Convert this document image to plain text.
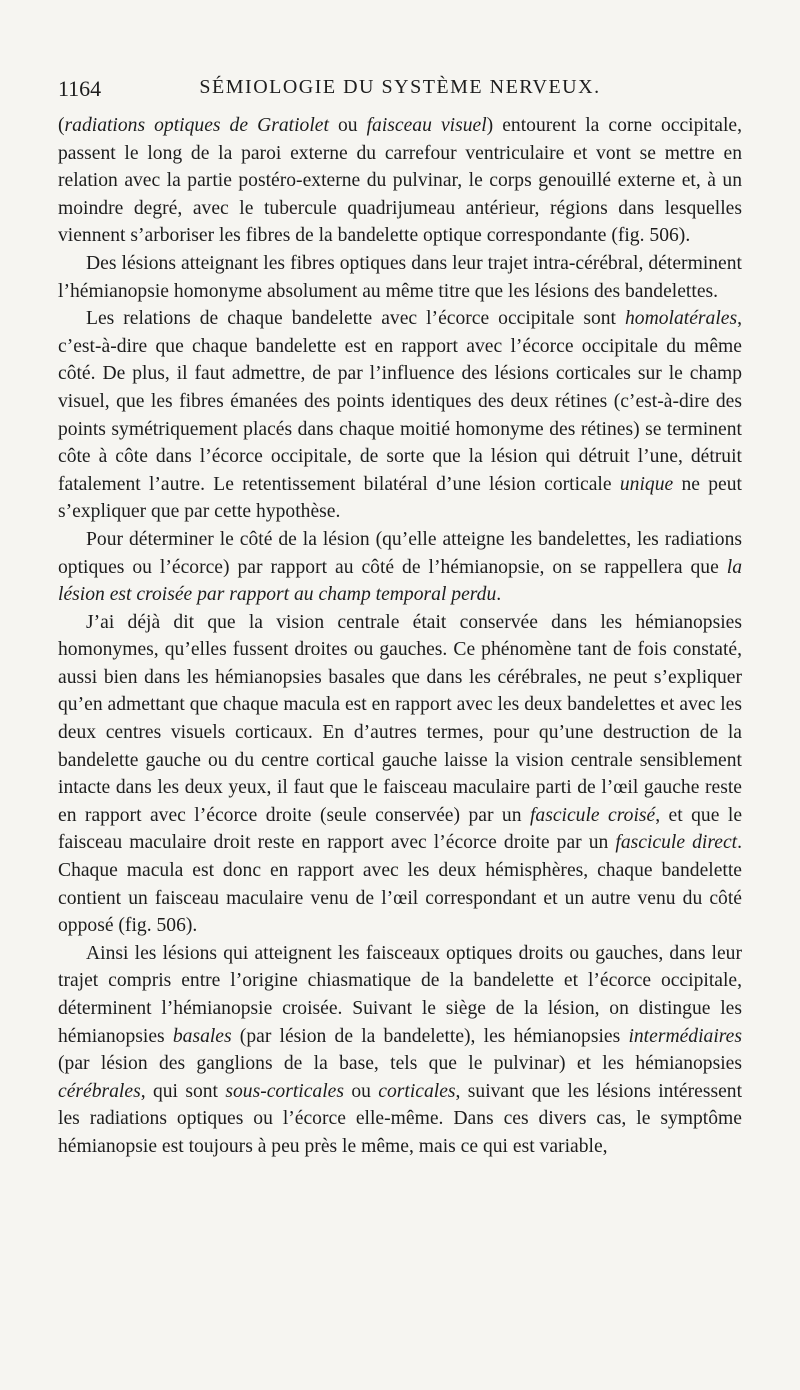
1164	SÉMIOLOGIE DU SYSTÈME NERVEUX.

(radiations optiques de Gratiolet ou faisceau visuel) entourent la corne occipitale, passent le long de la paroi externe du carrefour ventriculaire et vont se mettre en relation avec la partie postéro-externe du pulvinar, le corps genouillé externe et, à un moindre degré, avec le tubercule quadrijumeau antérieur, régions dans lesquelles viennent s’arboriser les fibres de la bandelette optique correspondante (fig. 506).

Des lésions atteignant les fibres optiques dans leur trajet intra-cérébral, déterminent l’hémianopsie homonyme absolument au même titre que les lésions des bandelettes.

Les relations de chaque bandelette avec l’écorce occipitale sont homolatérales, c’est-à-dire que chaque bandelette est en rapport avec l’écorce occipitale du même côté. De plus, il faut admettre, de par l’influence des lésions corticales sur le champ visuel, que les fibres émanées des points identiques des deux rétines (c’est-à-dire des points symétriquement placés dans chaque moitié homonyme des rétines) se terminent côte à côte dans l’écorce occipitale, de sorte que la lésion qui détruit l’une, détruit fatalement l’autre. Le retentissement bilatéral d’une lésion corticale unique ne peut s’expliquer que par cette hypothèse.

Pour déterminer le côté de la lésion (qu’elle atteigne les bandelettes, les radiations optiques ou l’écorce) par rapport au côté de l’hémianopsie, on se rappellera que la lésion est croisée par rapport au champ temporal perdu.

J’ai déjà dit que la vision centrale était conservée dans les hémianopsies homonymes, qu’elles fussent droites ou gauches. Ce phénomène tant de fois constaté, aussi bien dans les hémianopsies basales que dans les cérébrales, ne peut s’expliquer qu’en admettant que chaque macula est en rapport avec les deux bandelettes et avec les deux centres visuels corticaux. En d’autres termes, pour qu’une destruction de la bandelette gauche ou du centre cortical gauche laisse la vision centrale sensiblement intacte dans les deux yeux, il faut que le faisceau maculaire parti de l’œil gauche reste en rapport avec l’écorce droite (seule conservée) par un fascicule croisé, et que le faisceau maculaire droit reste en rapport avec l’écorce droite par un fascicule direct. Chaque macula est donc en rapport avec les deux hémisphères, chaque bandelette contient un faisceau maculaire venu de l’œil correspondant et un autre venu du côté opposé (fig. 506).

Ainsi les lésions qui atteignent les faisceaux optiques droits ou gauches, dans leur trajet compris entre l’origine chiasmatique de la bandelette et l’écorce occipitale, déterminent l’hémianopsie croisée. Suivant le siège de la lésion, on distingue les hémianopsies basales (par lésion de la bandelette), les hémianopsies intermédiaires (par lésion des ganglions de la base, tels que le pulvinar) et les hémianopsies cérébrales, qui sont sous-corticales ou corticales, suivant que les lésions intéressent les radiations optiques ou l’écorce elle-même. Dans ces divers cas, le symptôme hémianopsie est toujours à peu près le même, mais ce qui est variable,
